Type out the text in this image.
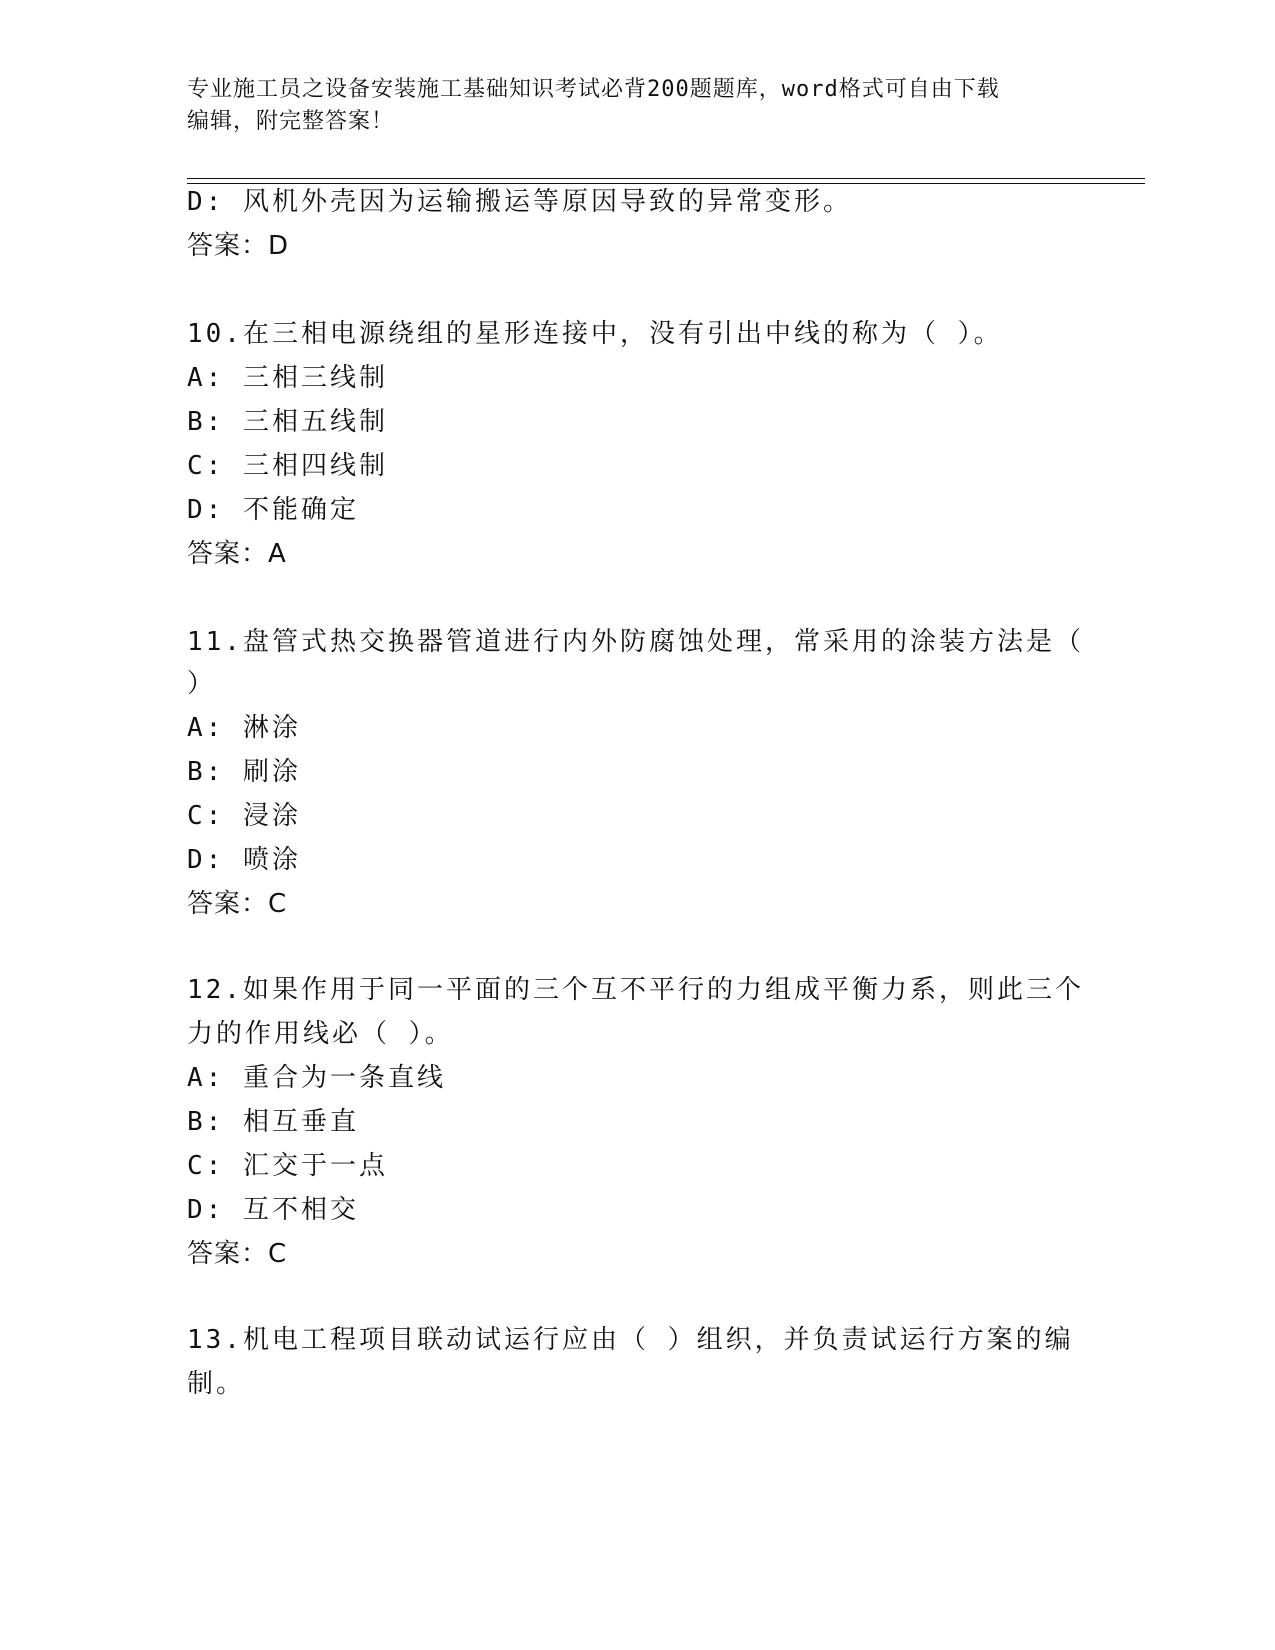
专业施工员之设备安装施工基础知识考试必背200题题库，word格式可自由下载
编辑，附完整答案！
D: 风机外壳因为运输搬运等原因导致的异常变形。
答案：D
10.在三相电源绕组的星形连接中，没有引出中线的称为（ ）。
A: 三相三线制
B: 三相五线制
C: 三相四线制
D: 不能确定
答案：A
11.盘管式热交换器管道进行内外防腐蚀处理，常采用的涂装方法是（
）
A: 淋涂
B: 刷涂
C: 浸涂
D: 喷涂
答案：C
12.如果作用于同一平面的三个互不平行的力组成平衡力系，则此三个
力的作用线必（ ）。
A: 重合为一条直线
B: 相互垂直
C: 汇交于一点
D: 互不相交
答案：C
13.机电工程项目联动试运行应由（ ）组织，并负责试运行方案的编
制。
